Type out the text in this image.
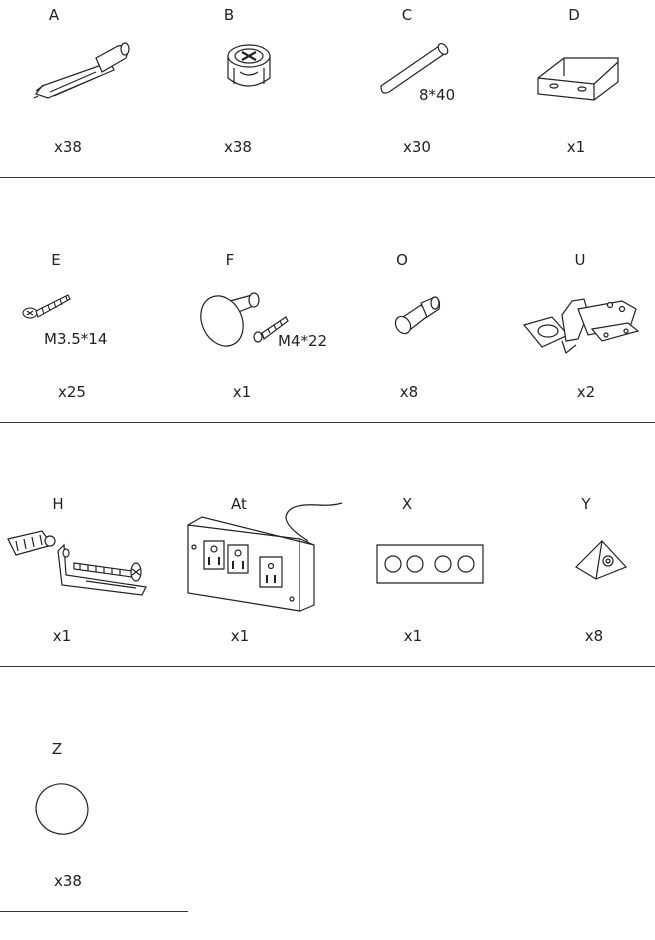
A
x38
B
x38
C
8*40
x30
D
x1
E
M3.5*14
x25
F
M4*22
x1
O
x8
U
x2
H
x1
At
x1
X
x1
Y
x8
Z
x38
